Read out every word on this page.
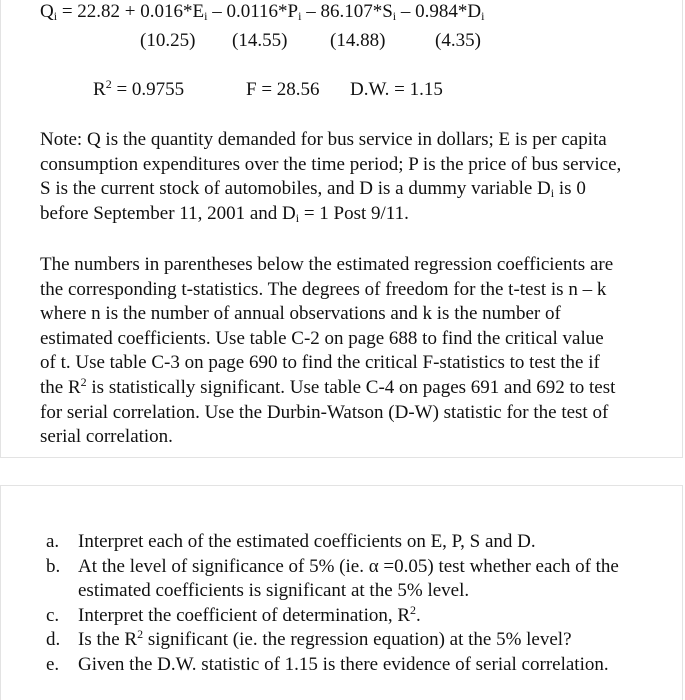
$Q_i = 22.82 + 0.016*E_i - 0.0116*P_i - 86.107*S_i - 0.984*D_i$
(10.25) (14.55) (14.88)	(4.35)
$R^2 = 0.9755$	F = 28.56 D.W. = 1.15
Note: Q is the quantity demanded for bus service in dollars; E is per capita
consumption expenditures over the time period; P is the price of bus service,
S is the current stock of automobiles, and D is a dummy variable $D_i$ is 0
before September 11, 2001 and $D_i = 1$ Post 9/11.
The numbers in parentheses below the estimated regression coefficients are
the corresponding t-statistics. The degrees of freedom for the t-test is n – k
where n is the number of annual observations and k is the number of
estimated coefficients. Use table C-2 on page 688 to find the critical value
of t. Use table C-3 on page 690 to find the critical F-statistics to test the if
the $R^2$ is statistically significant. Use table C-4 on pages 691 and 692 to test
for serial correlation. Use the Durbin-Watson (D-W) statistic for the test of
serial correlation.
a. Interpret each of the estimated coefficients on E, P, S and D.
b. At the level of significance of 5% (ie. α =0.05) test whether each of the
estimated coefficients is significant at the 5% level.
c. Interpret the coefficient of determination, $R^2$.
d. Is the $R^2$ significant (ie. the regression equation) at the 5% level?
e. Given the D.W. statistic of 1.15 is there evidence of serial correlation.
